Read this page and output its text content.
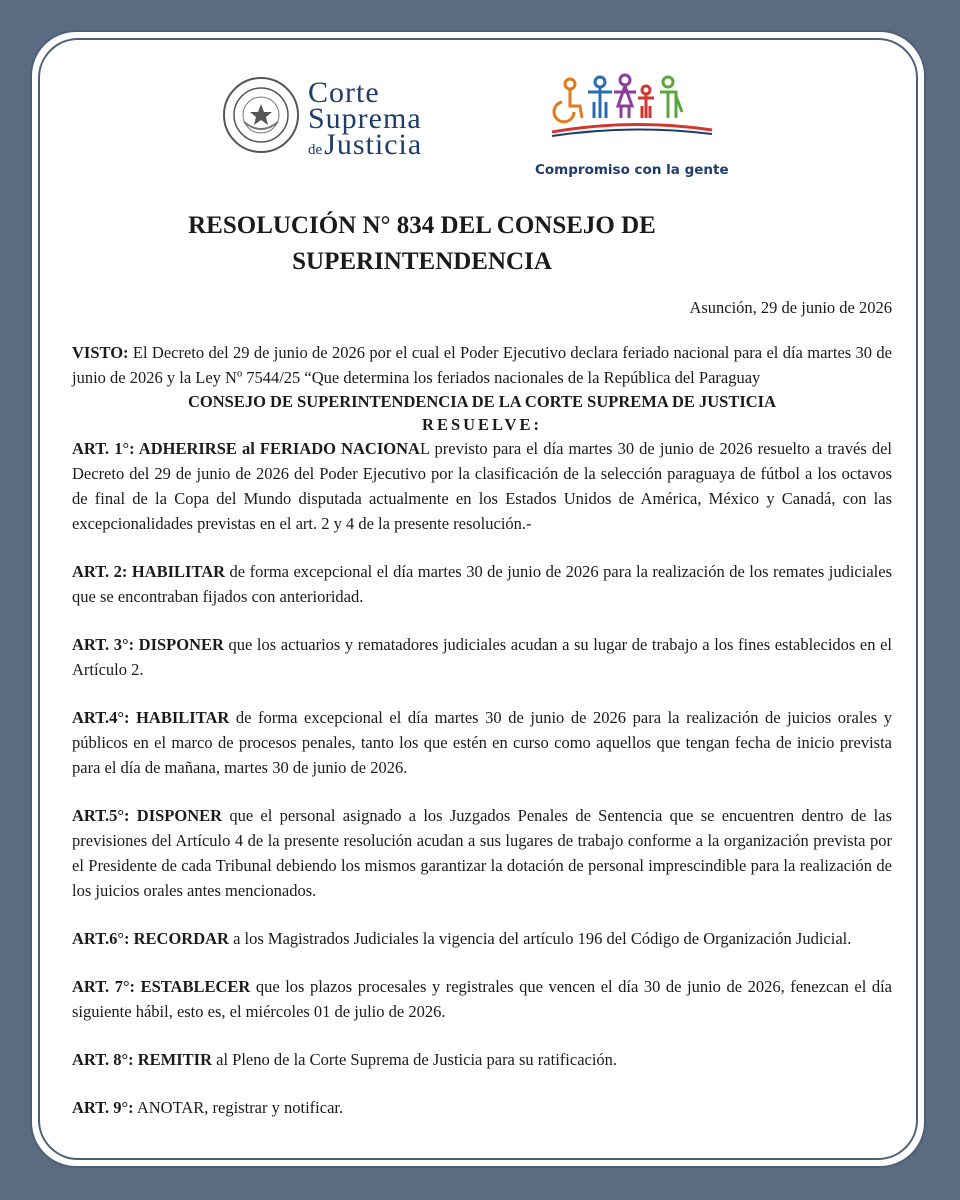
Corte
Suprema
deJusticia
Compromiso con la gente
RESOLUCIÓN N° 834 DEL CONSEJO DE SUPERINTENDENCIA
Asunción, 29 de junio de 2026

VISTO: El Decreto del 29 de junio de 2026 por el cual el Poder Ejecutivo declara feriado nacional para el día martes 30 de junio de 2026 y la Ley Nº 7544/25 “Que determina los feriados nacionales de la República del Paraguay

CONSEJO DE SUPERINTENDENCIA DE LA CORTE SUPREMA DE JUSTICIA
RESUELVE:

ART. 1°: ADHERIRSE al FERIADO NACIONAL previsto para el día martes 30 de junio de 2026 resuelto a través del Decreto del 29 de junio de 2026 del Poder Ejecutivo por la clasificación de la selección paraguaya de fútbol a los octavos de final de la Copa del Mundo disputada actualmente en los Estados Unidos de América, México y Canadá, con las excepcionalidades previstas en el art. 2 y 4 de la presente resolución.-

ART. 2: HABILITAR de forma excepcional el día martes 30 de junio de 2026 para la realización de los remates judiciales que se encontraban fijados con anterioridad.

ART. 3°: DISPONER que los actuarios y rematadores judiciales acudan a su lugar de trabajo a los fines establecidos en el Artículo 2.

ART.4°: HABILITAR de forma excepcional el día martes 30 de junio de 2026 para la realización de juicios orales y públicos en el marco de procesos penales, tanto los que estén en curso como aquellos que tengan fecha de inicio prevista para el día de mañana, martes 30 de junio de 2026.

ART.5°: DISPONER que el personal asignado a los Juzgados Penales de Sentencia que se encuentren dentro de las previsiones del Artículo 4 de la presente resolución acudan a sus lugares de trabajo conforme a la organización prevista por el Presidente de cada Tribunal debiendo los mismos garantizar la dotación de personal imprescindible para la realización de los juicios orales antes mencionados.

ART.6°: RECORDAR a los Magistrados Judiciales la vigencia del artículo 196 del Código de Organización Judicial.

ART. 7°: ESTABLECER que los plazos procesales y registrales que vencen el día 30 de junio de 2026, fenezcan el día siguiente hábil, esto es, el miércoles 01 de julio de 2026.

ART. 8°: REMITIR al Pleno de la Corte Suprema de Justicia para su ratificación.

ART. 9°: ANOTAR, registrar y notificar.
